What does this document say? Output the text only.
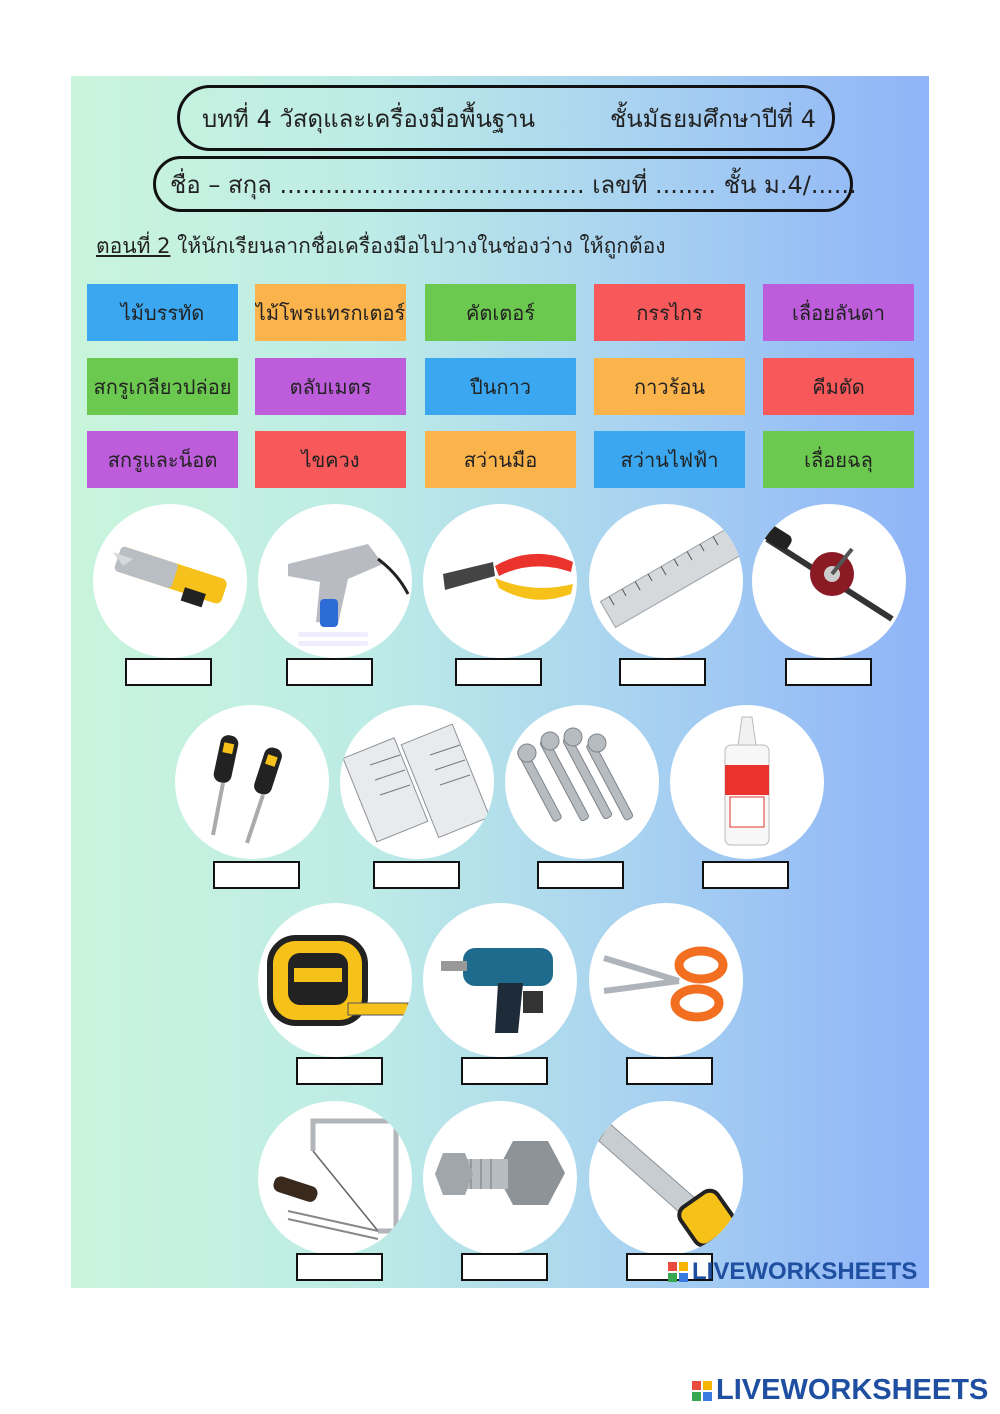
บทที่ 4 วัสดุและเครื่องมือพื้นฐาน	ชั้นมัธยมศึกษาปีที่ 4
ชื่อ – สกุล ........................................ เลขที่ ........ ชั้น ม.4/......
ตอนที่ 2 ให้นักเรียนลากชื่อเครื่องมือไปวางในช่องว่าง ให้ถูกต้อง
ไม้บรรทัด	ไม้โพรแทรกเตอร์	คัตเตอร์	กรรไกร	เลื่อยลันดา
สกรูเกลียวปล่อย	ตลับเมตร	ปืนกาว	กาวร้อน	คีมตัด
สกรูและน็อต	ไขควง	สว่านมือ	สว่านไฟฟ้า	เลื่อยฉลุ
LIVEWORKSHEETS
LIVEWORKSHEETS
